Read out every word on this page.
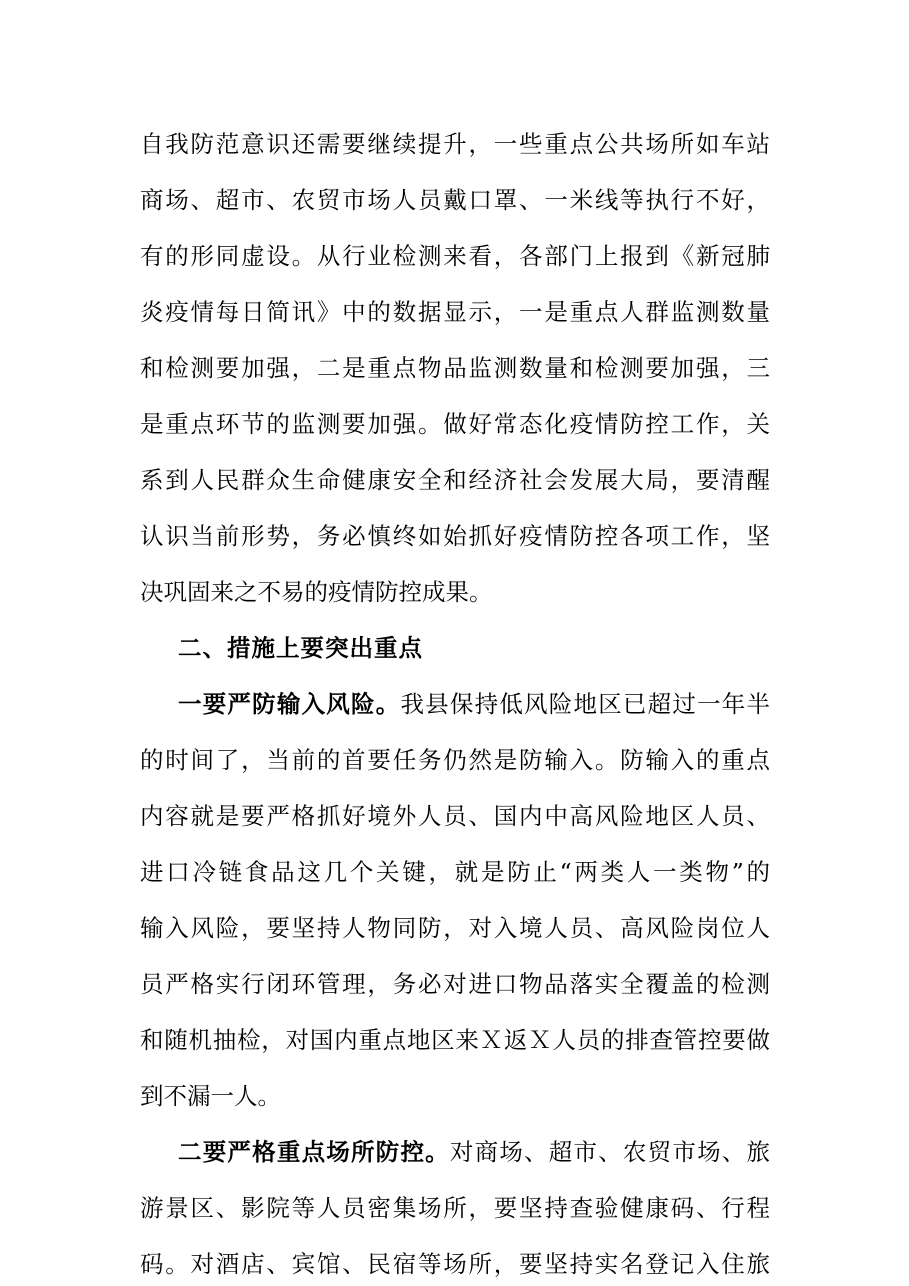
自我防范意识还需要继续提升，一些重点公共场所如车站
商场、超市、农贸市场人员戴口罩、一米线等执行不好，
有的形同虚设。从行业检测来看，各部门上报到《新冠肺
炎疫情每日简讯》中的数据显示，一是重点人群监测数量
和检测要加强，二是重点物品监测数量和检测要加强，三
是重点环节的监测要加强。做好常态化疫情防控工作，关
系到人民群众生命健康安全和经济社会发展大局，要清醒
认识当前形势，务必慎终如始抓好疫情防控各项工作，坚
决巩固来之不易的疫情防控成果。
二、措施上要突出重点
一要严防输入风险。我县保持低风险地区已超过一年半
的时间了，当前的首要任务仍然是防输入。防输入的重点
内容就是要严格抓好境外人员、国内中高风险地区人员、
进口冷链食品这几个关键，就是防止“两类人一类物”的
输入风险，要坚持人物同防，对入境人员、高风险岗位人
员严格实行闭环管理，务必对进口物品落实全覆盖的检测
和随机抽检，对国内重点地区来Ｘ返Ｘ人员的排查管控要做
到不漏一人。
二要严格重点场所防控。对商场、超市、农贸市场、旅
游景区、影院等人员密集场所，要坚持查验健康码、行程
码。对酒店、宾馆、民宿等场所，要坚持实名登记入住旅
